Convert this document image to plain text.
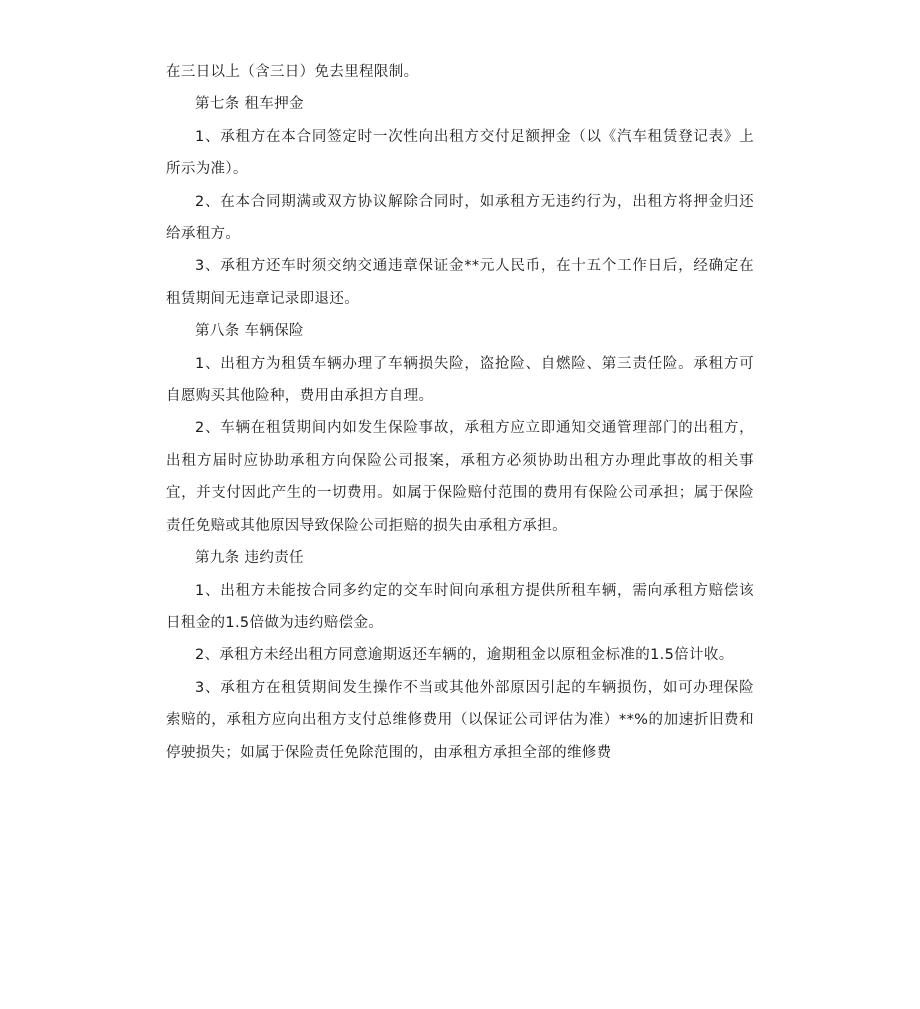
在三日以上（含三日）免去里程限制。

第七条 租车押金

1、承租方在本合同签定时一次性向出租方交付足额押金（以《汽车租赁登记表》上所示为准）。

2、在本合同期满或双方协议解除合同时，如承租方无违约行为，出租方将押金归还给承租方。

3、承租方还车时须交纳交通违章保证金**元人民币，在十五个工作日后，经确定在租赁期间无违章记录即退还。

第八条 车辆保险

1、出租方为租赁车辆办理了车辆损失险，盗抢险、自燃险、第三责任险。承租方可自愿购买其他险种，费用由承担方自理。

2、车辆在租赁期间内如发生保险事故，承租方应立即通知交通管理部门的出租方，出租方届时应协助承租方向保险公司报案，承租方必须协助出租方办理此事故的相关事宜，并支付因此产生的一切费用。如属于保险赔付范围的费用有保险公司承担；属于保险责任免赔或其他原因导致保险公司拒赔的损失由承租方承担。

第九条 违约责任

1、出租方未能按合同多约定的交车时间向承租方提供所租车辆，需向承租方赔偿该日租金的1.5倍做为违约赔偿金。

2、承租方未经出租方同意逾期返还车辆的，逾期租金以原租金标准的1.5倍计收。

3、承租方在租赁期间发生操作不当或其他外部原因引起的车辆损伤，如可办理保险索赔的，承租方应向出租方支付总维修费用（以保证公司评估为准）**%的加速折旧费和停驶损失；如属于保险责任免除范围的，由承租方承担全部的维修费
